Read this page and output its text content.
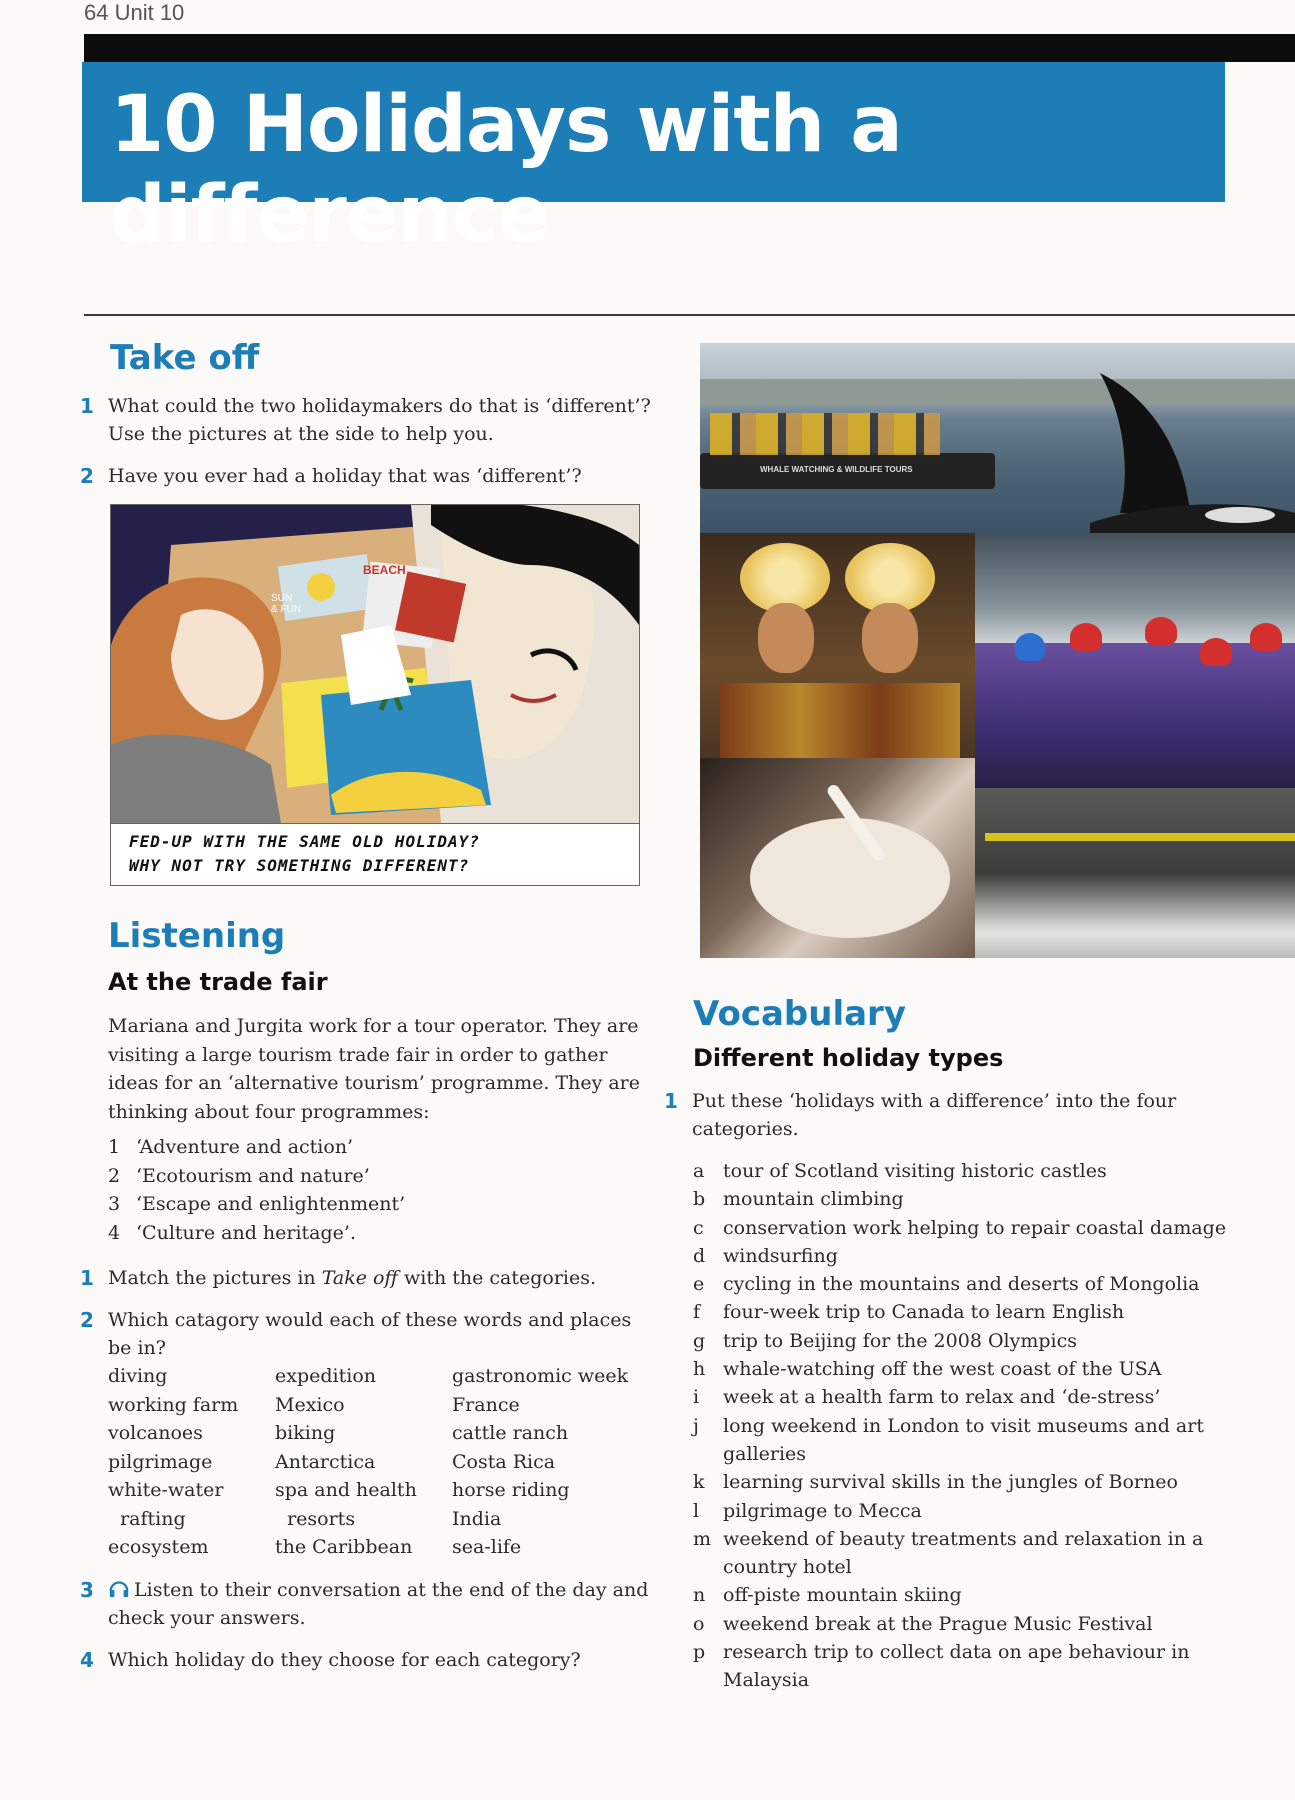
64 Unit 10
10 Holidays with a difference
Take off
1 What could the two holidaymakers do that is ‘different’? Use the pictures at the side to help you.
2 Have you ever had a holiday that was ‘different’?
BEACH
SUN & FUN
FED-UP WITH THE SAME OLD HOLIDAY?
WHY NOT TRY SOMETHING DIFFERENT?
Listening
At the trade fair
Mariana and Jurgita work for a tour operator. They are visiting a large tourism trade fair in order to gather ideas for an ‘alternative tourism’ programme. They are thinking about four programmes:
1 ‘Adventure and action’
2 ‘Ecotourism and nature’
3 ‘Escape and enlightenment’
4 ‘Culture and heritage’.
1 Match the pictures in Take off with the categories.
2 Which catagory would each of these words and places be in?
diving
working farm
volcanoes
pilgrimage
white-water
rafting
ecosystem
expedition
Mexico
biking
Antarctica
spa and health
resorts
the Caribbean
gastronomic week
France
cattle ranch
Costa Rica
horse riding
India
sea-life
3 Listen to their conversation at the end of the day and check your answers.
4 Which holiday do they choose for each category?
WHALE WATCHING & WILDLIFE TOURS
Vocabulary
Different holiday types
1 Put these ‘holidays with a difference’ into the four categories.
a tour of Scotland visiting historic castles
b mountain climbing
c conservation work helping to repair coastal damage
d windsurfing
e cycling in the mountains and deserts of Mongolia
f four-week trip to Canada to learn English
g trip to Beijing for the 2008 Olympics
h whale-watching off the west coast of the USA
i week at a health farm to relax and ‘de-stress’
j long weekend in London to visit museums and art galleries
k learning survival skills in the jungles of Borneo
l pilgrimage to Mecca
m weekend of beauty treatments and relaxation in a country hotel
n off-piste mountain skiing
o weekend break at the Prague Music Festival
p research trip to collect data on ape behaviour in Malaysia
